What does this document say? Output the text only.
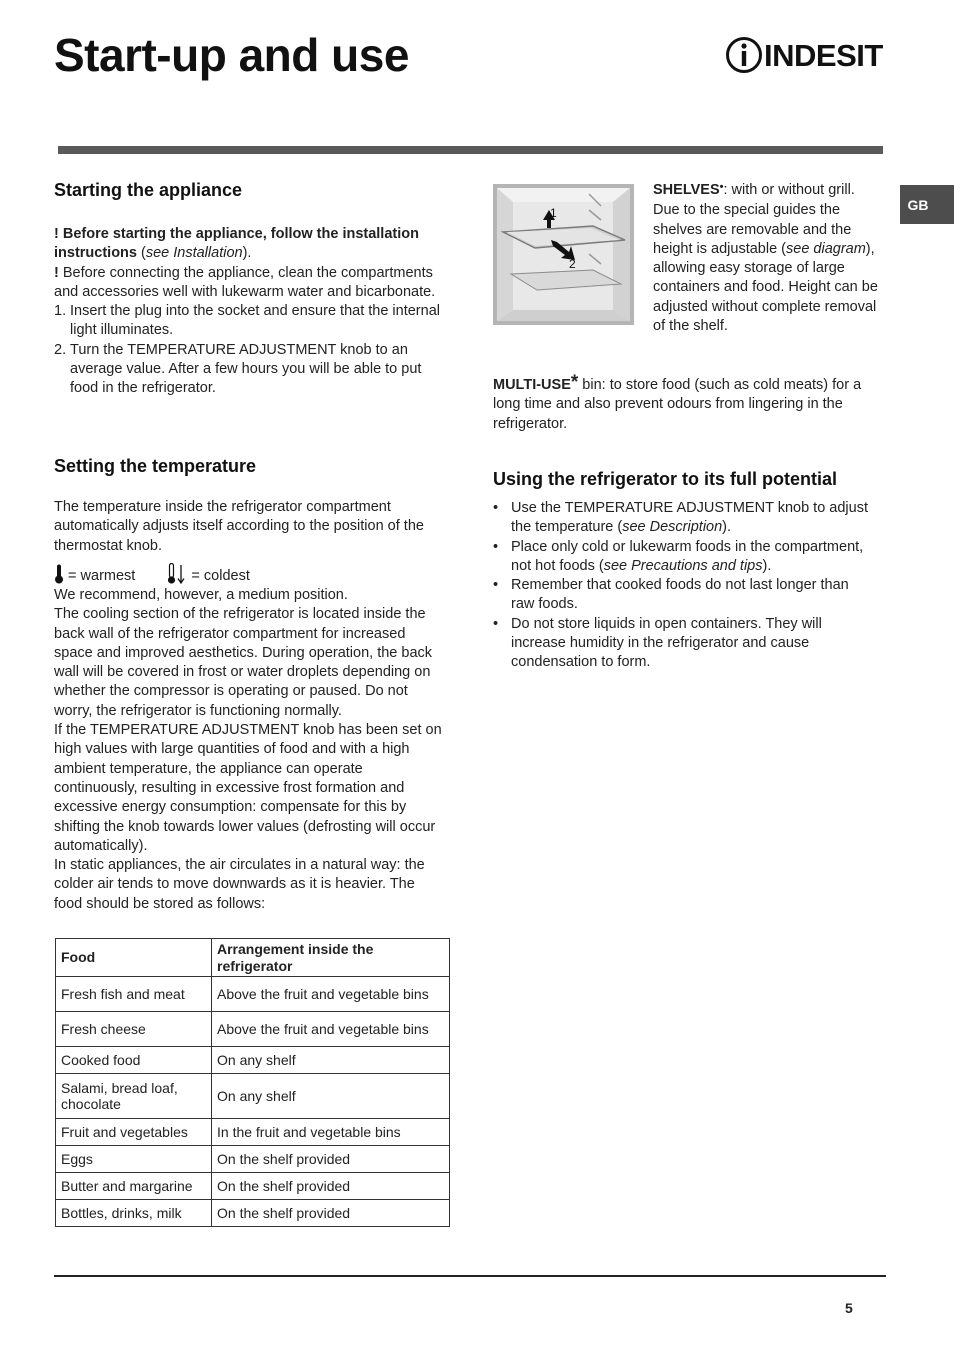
Start-up and use	INDESIT
GB
Starting the appliance

! Before starting the appliance, follow the installation instructions (see Installation).

! Before connecting the appliance, clean the compartments and accessories well with lukewarm water and bicarbonate.

1. Insert the plug into the socket and ensure that the internal light illuminates.
2. Turn the TEMPERATURE ADJUSTMENT knob to an average value. After a few hours you will be able to put food in the refrigerator.
Setting the temperature

The temperature inside the refrigerator compartment automatically adjusts itself according to the position of the thermostat knob.

= warmest	= coldest

We recommend, however, a medium position.

The cooling section of the refrigerator is located inside the back wall of the refrigerator compartment for increased space and improved aesthetics. During operation, the back wall will be covered in frost or water droplets depending on whether the compressor is operating or paused. Do not worry, the refrigerator is functioning normally.

If the TEMPERATURE ADJUSTMENT knob has been set on high values with large quantities of food and with a high ambient temperature, the appliance can operate continuously, resulting in excessive frost formation and excessive energy consumption: compensate for this by shifting the knob towards lower values (defrosting will occur automatically).

In static appliances, the air circulates in a natural way: the colder air tends to move downwards as it is heavier. The food should be stored as follows:

Food	Arrangement inside the refrigerator
Fresh fish and meat	Above the fruit and vegetable bins
Fresh cheese	Above the fruit and vegetable bins
Cooked food	On any shelf
Salami, bread loaf, chocolate	On any shelf
Fruit and vegetables	In the fruit and vegetable bins
Eggs	On the shelf provided
Butter and margarine	On the shelf provided
Bottles, drinks, milk	On the shelf provided
1
2

SHELVES•: with or without grill. Due to the special guides the shelves are removable and the height is adjustable (see diagram), allowing easy storage of large containers and food. Height can be adjusted without complete removal of the shelf.

MULTI-USE* bin: to store food (such as cold meats) for a long time and also prevent odours from lingering in the refrigerator.

Using the refrigerator to its full potential
• Use the TEMPERATURE ADJUSTMENT knob to adjust the temperature (see Description).
• Place only cold or lukewarm foods in the compartment, not hot foods (see Precautions and tips).
• Remember that cooked foods do not last longer than raw foods.
• Do not store liquids in open containers. They will increase humidity in the refrigerator and cause condensation to form.
5
